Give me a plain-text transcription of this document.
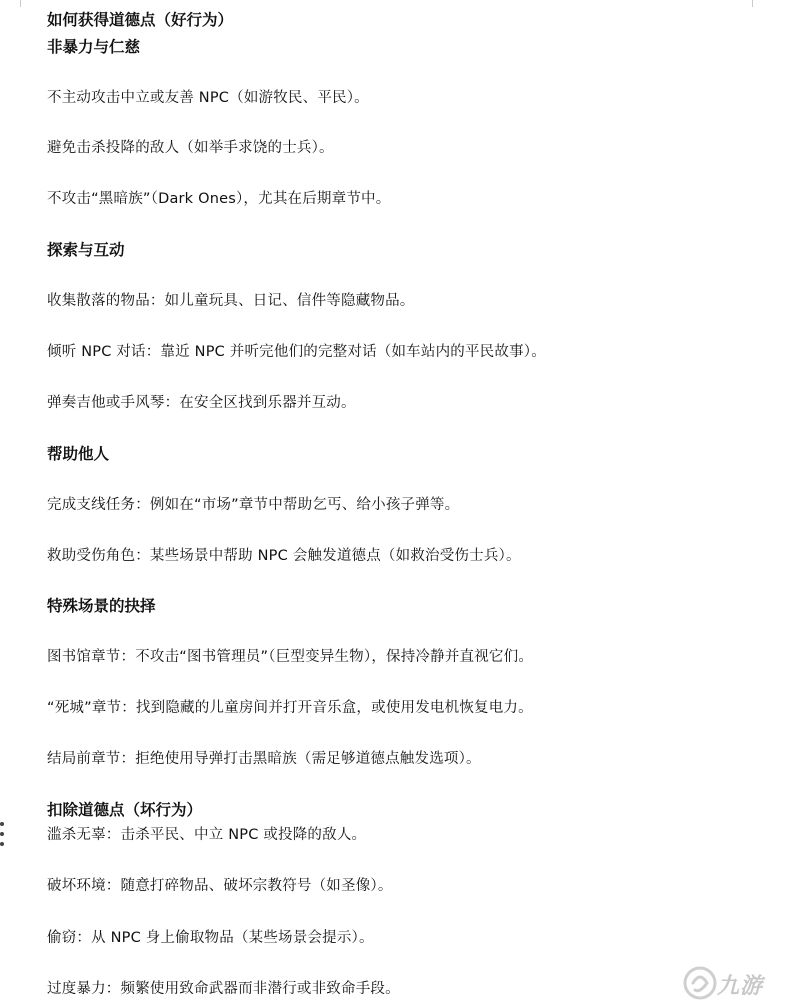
如何获得道德点（好行为）
非暴力与仁慈
不主动攻击中立或友善 NPC（如游牧民、平民）。
避免击杀投降的敌人（如举手求饶的士兵）。
不攻击“黑暗族”（Dark Ones），尤其在后期章节中。
探索与互动
收集散落的物品：如儿童玩具、日记、信件等隐藏物品。
倾听 NPC 对话：靠近 NPC 并听完他们的完整对话（如车站内的平民故事）。
弹奏吉他或手风琴：在安全区找到乐器并互动。
帮助他人
完成支线任务：例如在“市场”章节中帮助乞丐、给小孩子弹等。
救助受伤角色：某些场景中帮助 NPC 会触发道德点（如救治受伤士兵）。
特殊场景的抉择
图书馆章节：不攻击“图书管理员”（巨型变异生物），保持冷静并直视它们。
“死城”章节：找到隐藏的儿童房间并打开音乐盒，或使用发电机恢复电力。
结局前章节：拒绝使用导弹打击黑暗族（需足够道德点触发选项）。
扣除道德点（坏行为）
滥杀无辜：击杀平民、中立 NPC 或投降的敌人。
破坏环境：随意打碎物品、破坏宗教符号（如圣像）。
偷窃：从 NPC 身上偷取物品（某些场景会提示）。
过度暴力：频繁使用致命武器而非潜行或非致命手段。	九游
